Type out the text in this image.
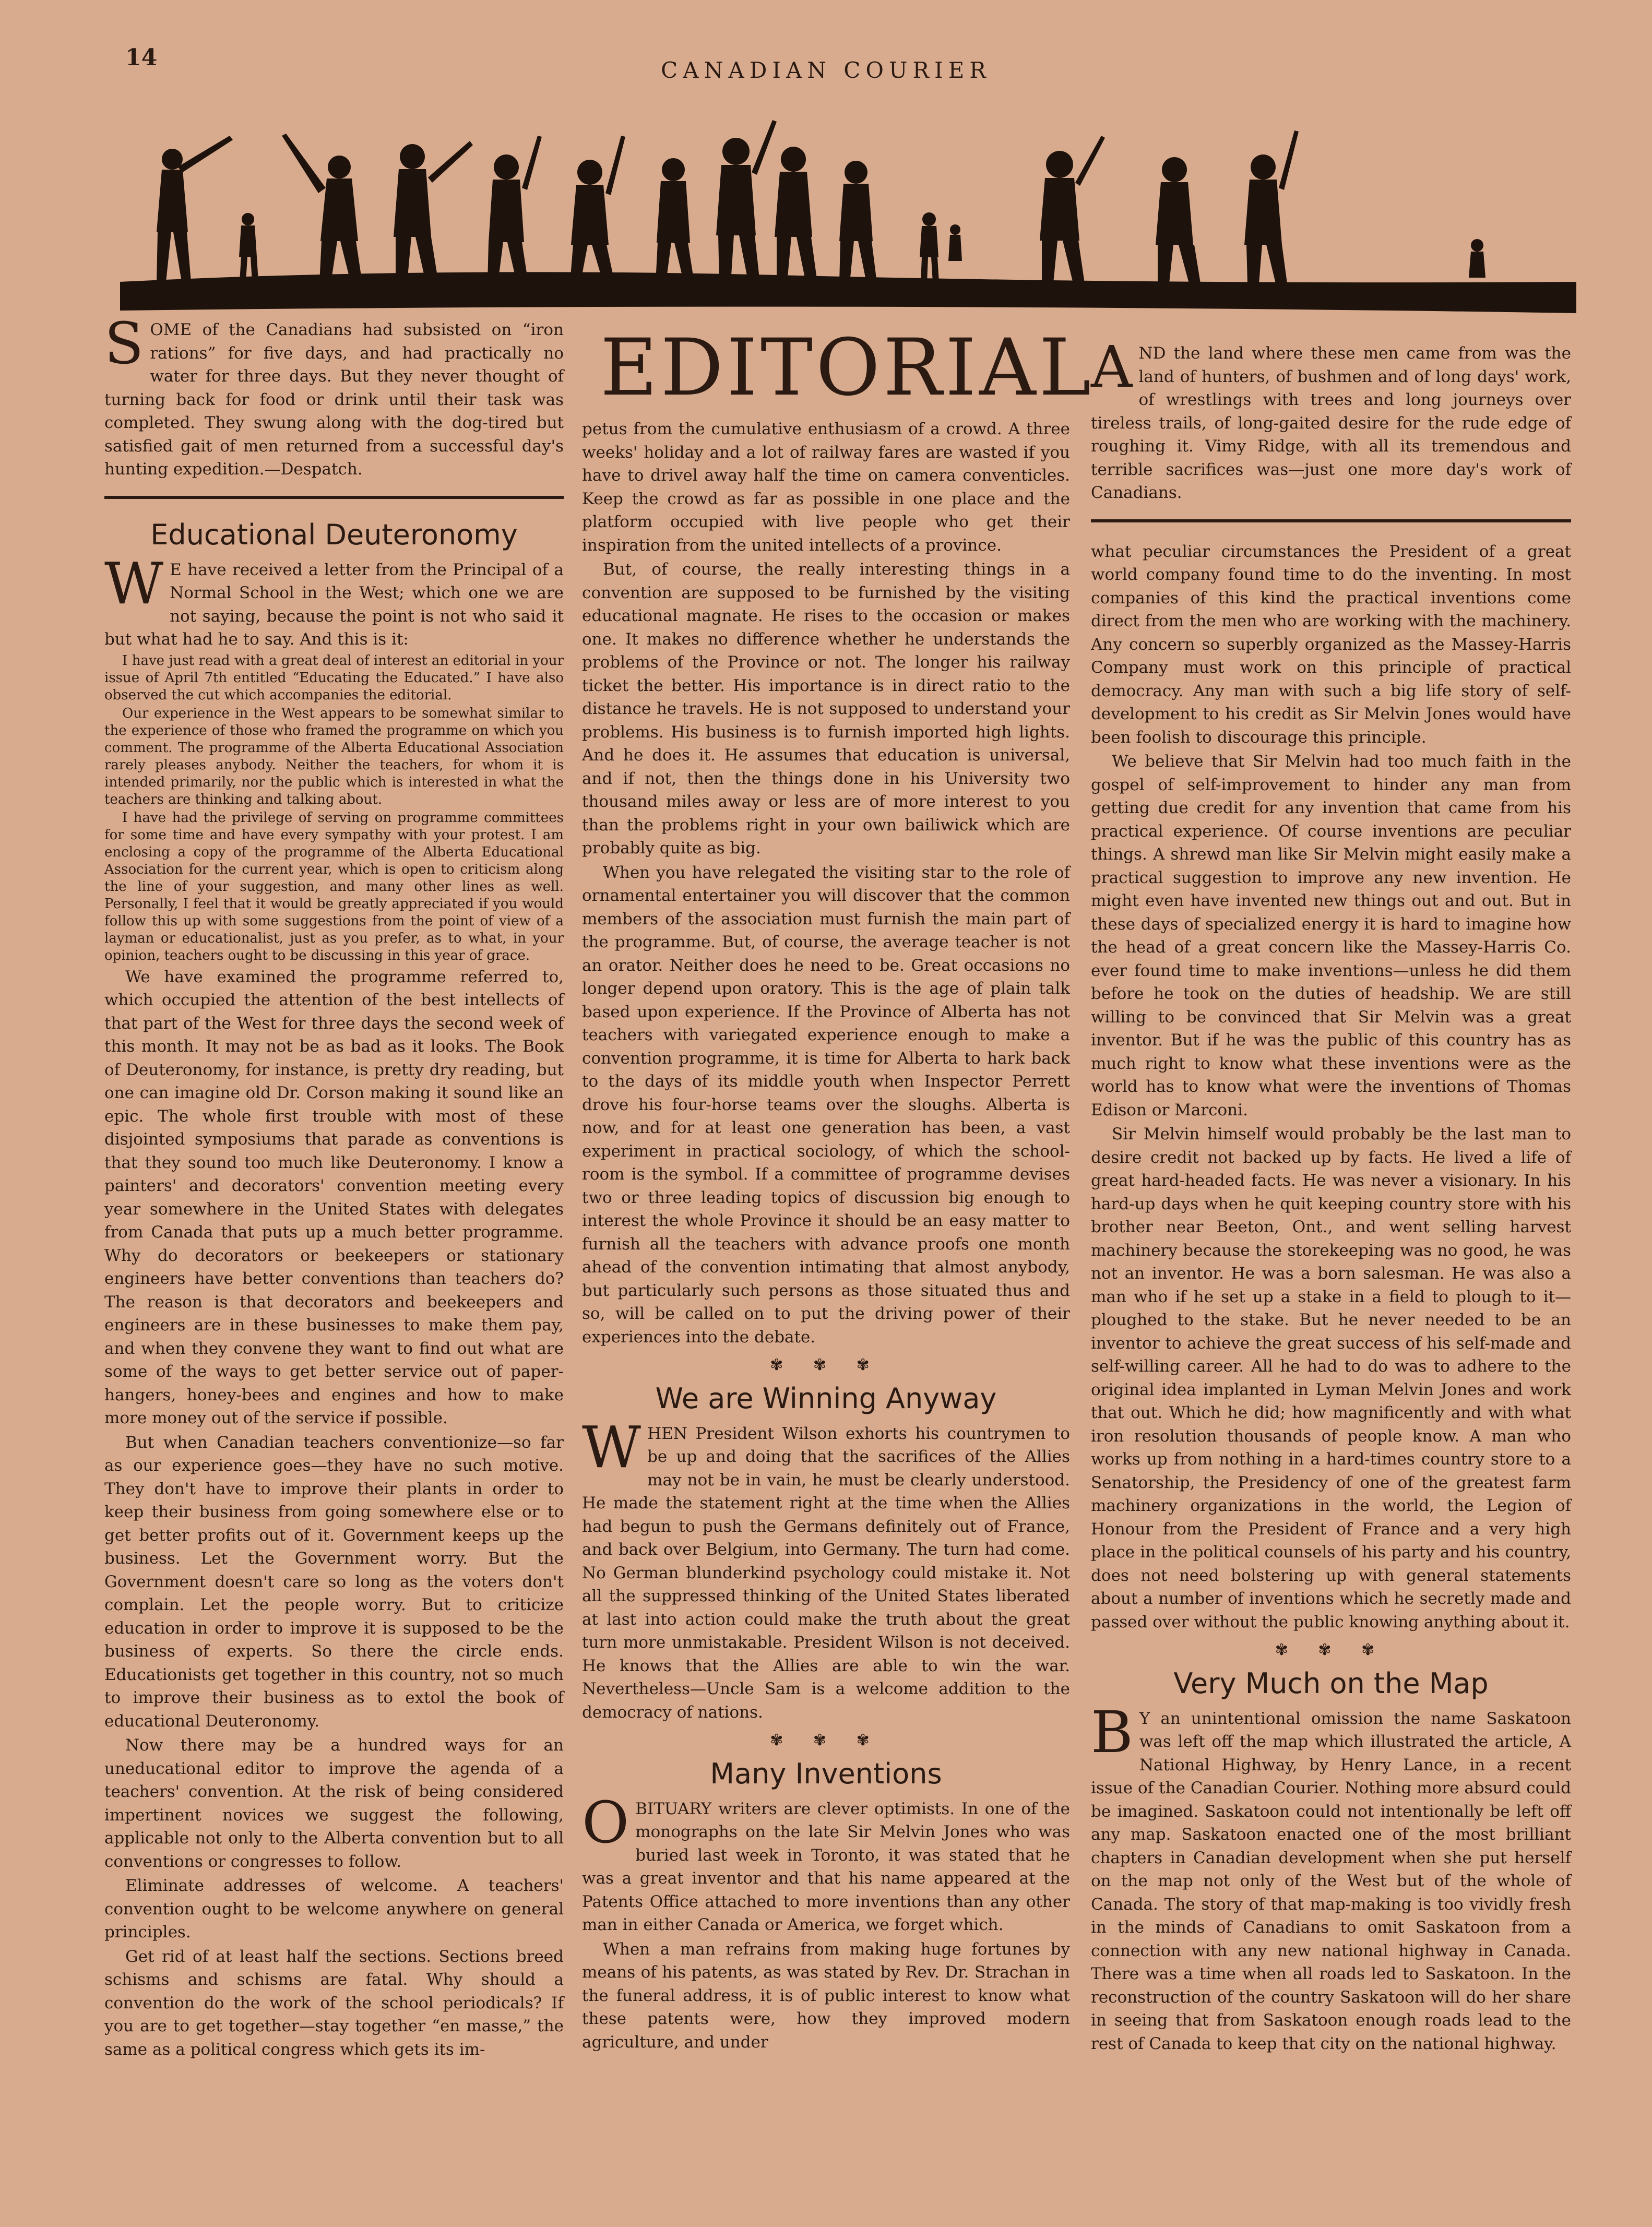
14	CANADIAN COURIER

SOME of the Canadians had subsisted on “iron rations” for five days, and had practically no water for three days. But they never thought of turning back for food or drink until their task was completed. They swung along with the dog-tired but satisfied gait of men returned from a successful day's hunting expedition.—Despatch.

Educational Deuteronomy

W E have received a letter from the Principal of a Normal School in the West; which one we are not saying, because the point is not who said it but what had he to say. And this is it:

I have just read with a great deal of interest an editorial in your issue of April 7th entitled “Educating the Educated.” I have also observed the cut which accompanies the editorial.

Our experience in the West appears to be somewhat similar to the experience of those who framed the programme on which you comment. The programme of the Alberta Educational Association rarely pleases anybody. Neither the teachers, for whom it is intended primarily, nor the public which is interested in what the teachers are thinking and talking about.

I have had the privilege of serving on programme committees for some time and have every sympathy with your protest. I am enclosing a copy of the programme of the Alberta Educational Association for the current year, which is open to criticism along the line of your suggestion, and many other lines as well. Personally, I feel that it would be greatly appreciated if you would follow this up with some suggestions from the point of view of a layman or educationalist, just as you prefer, as to what, in your opinion, teachers ought to be discussing in this year of grace.

We have examined the programme referred to, which occupied the attention of the best intellects of that part of the West for three days the second week of this month. It may not be as bad as it looks. The Book of Deuteronomy, for instance, is pretty dry reading, but one can imagine old Dr. Corson making it sound like an epic. The whole first trouble with most of these disjointed symposiums that parade as conventions is that they sound too much like Deuteronomy. I know a painters' and decorators' convention meeting every year somewhere in the United States with delegates from Canada that puts up a much better programme. Why do decorators or beekeepers or stationary engineers have better conventions than teachers do? The reason is that decorators and beekeepers and engineers are in these businesses to make them pay, and when they convene they want to find out what are some of the ways to get better service out of paper-hangers, honey-bees and engines and how to make more money out of the service if possible.

But when Canadian teachers conventionize—so far as our experience goes—they have no such motive. They don't have to improve their plants in order to keep their business from going somewhere else or to get better profits out of it. Government keeps up the business. Let the Government worry. But the Government doesn't care so long as the voters don't complain. Let the people worry. But to criticize education in order to improve it is supposed to be the business of experts. So there the circle ends. Educationists get together in this country, not so much to improve their business as to extol the book of educational Deuteronomy.

Now there may be a hundred ways for an uneducational editor to improve the agenda of a teachers' convention. At the risk of being considered impertinent novices we suggest the following, applicable not only to the Alberta convention but to all conventions or congresses to follow.

Eliminate addresses of welcome. A teachers' convention ought to be welcome anywhere on general principles.

Get rid of at least half the sections. Sections breed schisms and schisms are fatal. Why should a convention do the work of the school periodicals? If you are to get together—stay together “en masse,” the same as a political congress which gets its im-

EDITORIAL

petus from the cumulative enthusiasm of a crowd. A three weeks' holiday and a lot of railway fares are wasted if you have to drivel away half the time on camera conventicles. Keep the crowd as far as possible in one place and the platform occupied with live people who get their inspiration from the united intellects of a province.

But, of course, the really interesting things in a convention are supposed to be furnished by the visiting educational magnate. He rises to the occasion or makes one. It makes no difference whether he understands the problems of the Province or not. The longer his railway ticket the better. His importance is in direct ratio to the distance he travels. He is not supposed to understand your problems. His business is to furnish imported high lights. And he does it. He assumes that education is universal, and if not, then the things done in his University two thousand miles away or less are of more interest to you than the problems right in your own bailiwick which are probably quite as big.

When you have relegated the visiting star to the role of ornamental entertainer you will discover that the common members of the association must furnish the main part of the programme. But, of course, the average teacher is not an orator. Neither does he need to be. Great occasions no longer depend upon oratory. This is the age of plain talk based upon experience. If the Province of Alberta has not teachers with variegated experience enough to make a convention programme, it is time for Alberta to hark back to the days of its middle youth when Inspector Perrett drove his four-horse teams over the sloughs. Alberta is now, and for at least one generation has been, a vast experiment in practical sociology, of which the school-room is the symbol. If a committee of programme devises two or three leading topics of discussion big enough to interest the whole Province it should be an easy matter to furnish all the teachers with advance proofs one month ahead of the convention intimating that almost anybody, but particularly such persons as those situated thus and so, will be called on to put the driving power of their experiences into the debate.

✾ ✾ ✾
We are Winning Anyway

WHEN President Wilson exhorts his countrymen to be up and doing that the sacrifices of the Allies may not be in vain, he must be clearly understood. He made the statement right at the time when the Allies had begun to push the Germans definitely out of France, and back over Belgium, into Germany. The turn had come. No German blunderkind psychology could mistake it. Not all the suppressed thinking of the United States liberated at last into action could make the truth about the great turn more unmistakable. President Wilson is not deceived. He knows that the Allies are able to win the war. Nevertheless—Uncle Sam is a welcome addition to the democracy of nations.

✾ ✾ ✾
Many Inventions

OBITUARY writers are clever optimists. In one of the monographs on the late Sir Melvin Jones who was buried last week in Toronto, it was stated that he was a great inventor and that his name appeared at the Patents Office attached to more inventions than any other man in either Canada or America, we forget which.

When a man refrains from making huge fortunes by means of his patents, as was stated by Rev. Dr. Strachan in the funeral address, it is of public interest to know what these patents were, how they improved modern agriculture, and under

AND the land where these men came from was the land of hunters, of bushmen and of long days' work, of wrestlings with trees and long journeys over tireless trails, of long-gaited desire for the rude edge of roughing it. Vimy Ridge, with all its tremendous and terrible sacrifices was—just one more day's work of Canadians.

what peculiar circumstances the President of a great world company found time to do the inventing. In most companies of this kind the practical inventions come direct from the men who are working with the machinery. Any concern so superbly organized as the Massey-Harris Company must work on this principle of practical democracy. Any man with such a big life story of self-development to his credit as Sir Melvin Jones would have been foolish to discourage this principle.

We believe that Sir Melvin had too much faith in the gospel of self-improvement to hinder any man from getting due credit for any invention that came from his practical experience. Of course inventions are peculiar things. A shrewd man like Sir Melvin might easily make a practical suggestion to improve any new invention. He might even have invented new things out and out. But in these days of specialized energy it is hard to imagine how the head of a great concern like the Massey-Harris Co. ever found time to make inventions—unless he did them before he took on the duties of headship. We are still willing to be convinced that Sir Melvin was a great inventor. But if he was the public of this country has as much right to know what these inventions were as the world has to know what were the inventions of Thomas Edison or Marconi.

Sir Melvin himself would probably be the last man to desire credit not backed up by facts. He lived a life of great hard-headed facts. He was never a visionary. In his hard-up days when he quit keeping country store with his brother near Beeton, Ont., and went selling harvest machinery because the storekeeping was no good, he was not an inventor. He was a born salesman. He was also a man who if he set up a stake in a field to plough to it—ploughed to the stake. But he never needed to be an inventor to achieve the great success of his self-made and self-willing career. All he had to do was to adhere to the original idea implanted in Lyman Melvin Jones and work that out. Which he did; how magnificently and with what iron resolution thousands of people know. A man who works up from nothing in a hard-times country store to a Senatorship, the Presidency of one of the greatest farm machinery organizations in the world, the Legion of Honour from the President of France and a very high place in the political counsels of his party and his country, does not need bolstering up with general statements about a number of inventions which he secretly made and passed over without the public knowing anything about it.

✾ ✾ ✾
Very Much on the Map

B Y an unintentional omission the name Saskatoon was left off the map which illustrated the article, A National Highway, by Henry Lance, in a recent issue of the Canadian Courier. Nothing more absurd could be imagined. Saskatoon could not intentionally be left off any map. Saskatoon enacted one of the most brilliant chapters in Canadian development when she put herself on the map not only of the West but of the whole of Canada. The story of that map-making is too vividly fresh in the minds of Canadians to omit Saskatoon from a connection with any new national highway in Canada. There was a time when all roads led to Saskatoon. In the reconstruction of the country Saskatoon will do her share in seeing that from Saskatoon enough roads lead to the rest of Canada to keep that city on the national highway.
